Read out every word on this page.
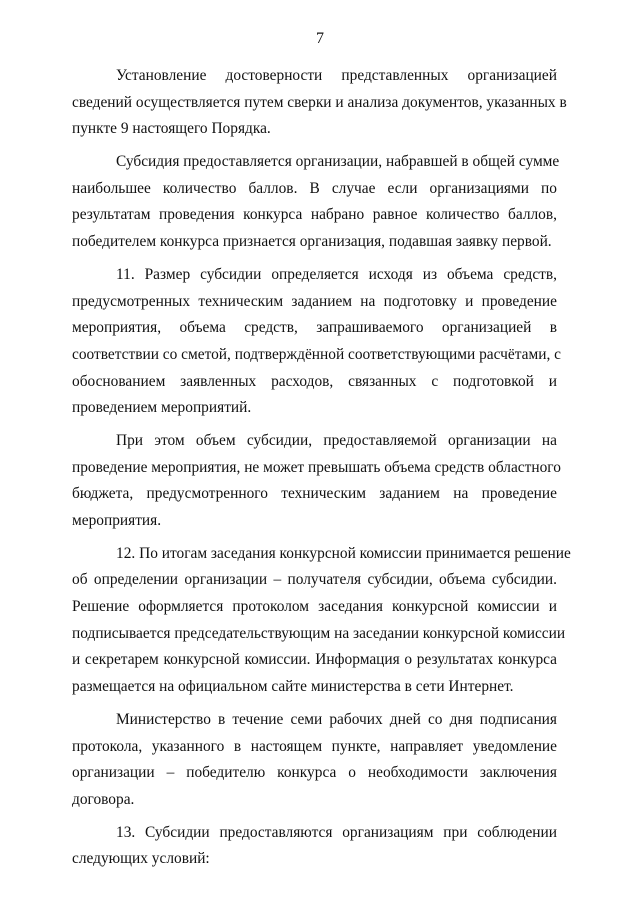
7
Установление достоверности представленных организацией
сведений осуществляется путем сверки и анализа документов, указанных в
пункте 9 настоящего Порядка.
Субсидия предоставляется организации, набравшей в общей сумме
наибольшее количество баллов. В случае если организациями по
результатам проведения конкурса набрано равное количество баллов,
победителем конкурса признается организация, подавшая заявку первой.
11. Размер субсидии определяется исходя из объема средств,
предусмотренных техническим заданием на подготовку и проведение
мероприятия, объема средств, запрашиваемого организацией в
соответствии со сметой, подтверждённой соответствующими расчётами, с
обоснованием заявленных расходов, связанных с подготовкой и
проведением мероприятий.
При этом объем субсидии, предоставляемой организации на
проведение мероприятия, не может превышать объема средств областного
бюджета, предусмотренного техническим заданием на проведение
мероприятия.
12. По итогам заседания конкурсной комиссии принимается решение
об определении организации – получателя субсидии, объема субсидии.
Решение оформляется протоколом заседания конкурсной комиссии и
подписывается председательствующим на заседании конкурсной комиссии
и секретарем конкурсной комиссии. Информация о результатах конкурса
размещается на официальном сайте министерства в сети Интернет.
Министерство в течение семи рабочих дней со дня подписания
протокола, указанного в настоящем пункте, направляет уведомление
организации – победителю конкурса о необходимости заключения
договора.
13. Субсидии предоставляются организациям при соблюдении
следующих условий:
